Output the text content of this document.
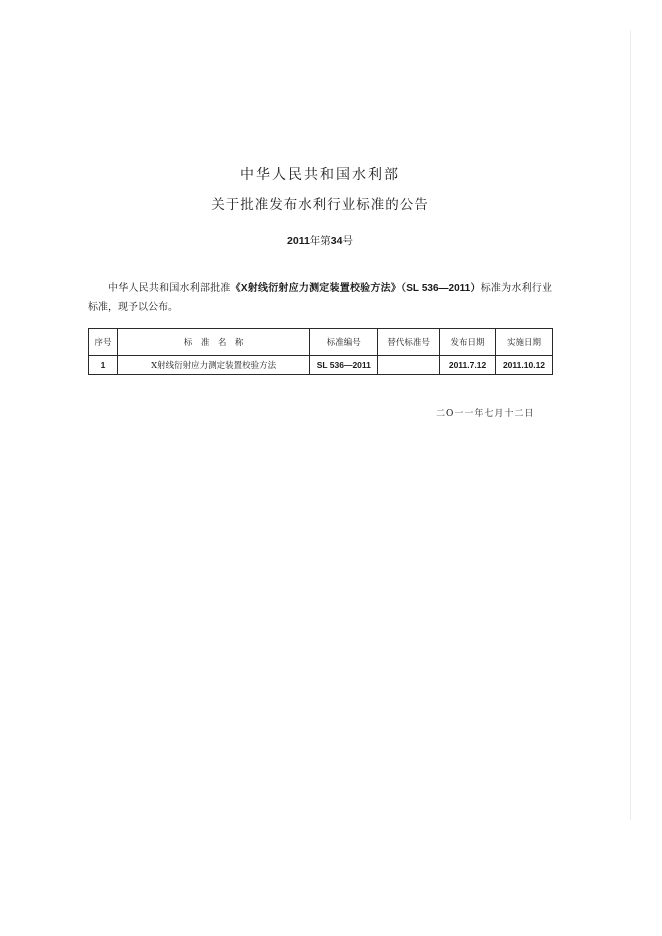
中华人民共和国水利部
关于批准发布水利行业标准的公告
2011年第34号
中华人民共和国水利部批准《X射线衍射应力测定装置校验方法》（SL 536—2011）标准为水利行业标准，现予以公布。
序号	标　准　名　称	标准编号	替代标准号	发布日期	实施日期
1	X射线衍射应力测定装置校验方法	SL 536—2011		2011.7.12	2011.10.12
二O一一年七月十二日
